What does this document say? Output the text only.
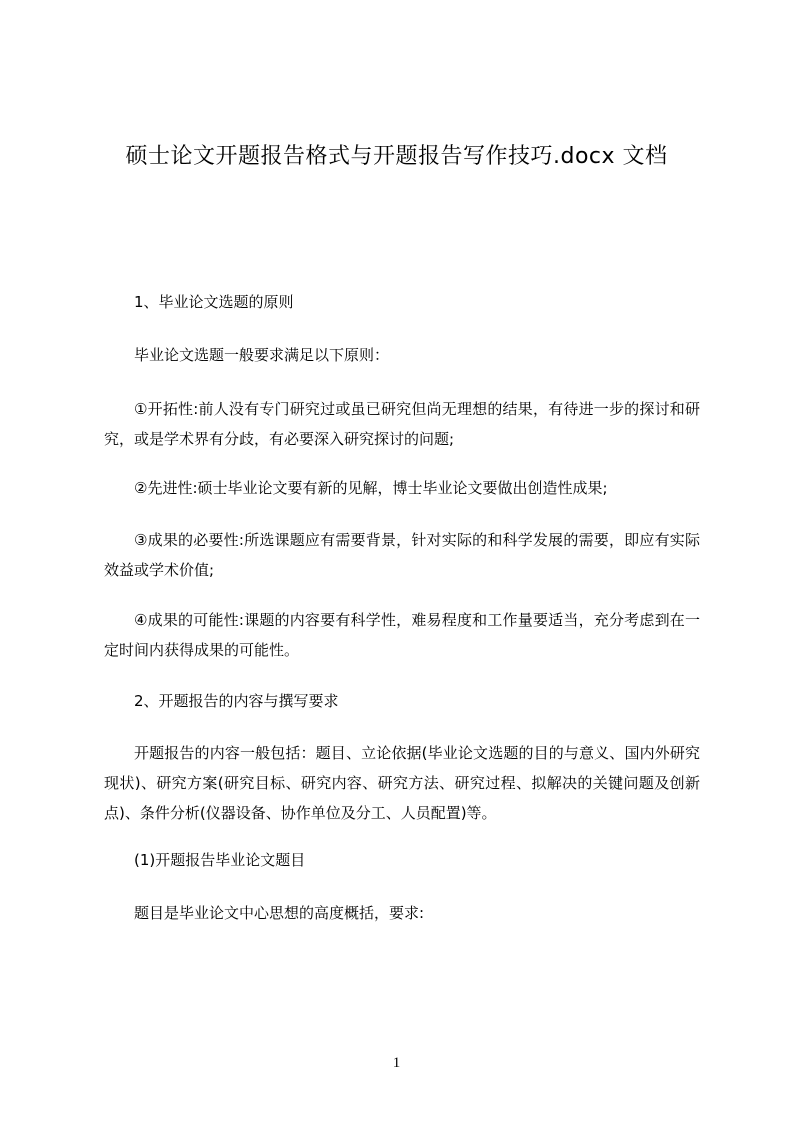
硕士论文开题报告格式与开题报告写作技巧.docx 文档
1、毕业论文选题的原则
毕业论文选题一般要求满足以下原则：
①开拓性:前人没有专门研究过或虽已研究但尚无理想的结果，有待进一步的探讨和研究，或是学术界有分歧，有必要深入研究探讨的问题;
②先进性:硕士毕业论文要有新的见解，博士毕业论文要做出创造性成果;
③成果的必要性:所选课题应有需要背景，针对实际的和科学发展的需要，即应有实际效益或学术价值;
④成果的可能性:课题的内容要有科学性，难易程度和工作量要适当，充分考虑到在一定时间内获得成果的可能性。
2、开题报告的内容与撰写要求
开题报告的内容一般包括：题目、立论依据(毕业论文选题的目的与意义、国内外研究现状)、研究方案(研究目标、研究内容、研究方法、研究过程、拟解决的关键问题及创新点)、条件分析(仪器设备、协作单位及分工、人员配置)等。
(1)开题报告毕业论文题目
题目是毕业论文中心思想的高度概括，要求:
1
